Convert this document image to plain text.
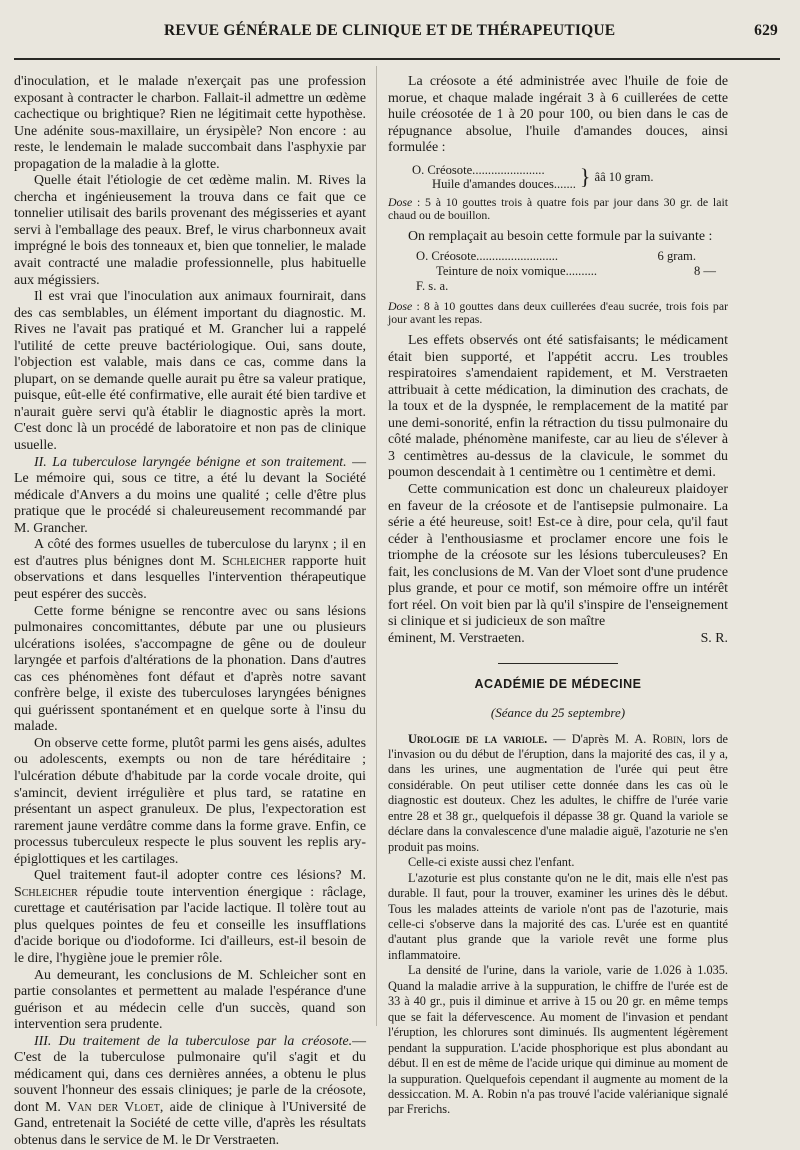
REVUE GÉNÉRALE DE CLINIQUE ET DE THÉRAPEUTIQUE	629

d'inoculation, et le malade n'exerçait pas une profession exposant à contracter le charbon. Fallait-il admettre un œdème cachectique ou brightique? Rien ne légitimait cette hypothèse. Une adénite sous-maxillaire, un érysipèle? Non encore : au reste, le lendemain le malade succombait dans l'asphyxie par propagation de la maladie à la glotte.

Quelle était l'étiologie de cet œdème malin. M. Rives la chercha et ingénieusement la trouva dans ce fait que ce tonnelier utilisait des barils provenant des mégisseries et ayant servi à l'emballage des peaux. Bref, le virus charbonneux avait imprégné le bois des tonneaux et, bien que tonnelier, le malade avait contracté une maladie professionnelle, plus habituelle aux mégissiers.

Il est vrai que l'inoculation aux animaux fournirait, dans des cas semblables, un élément important du diagnostic. M. Rives ne l'avait pas pratiqué et M. Grancher lui a rappelé l'utilité de cette preuve bactériologique. Oui, sans doute, l'objection est valable, mais dans ce cas, comme dans la plupart, on se demande quelle aurait pu être sa valeur pratique, puisque, eût-elle été confirmative, elle aurait été bien tardive et n'aurait guère servi qu'à établir le diagnostic après la mort. C'est donc là un procédé de laboratoire et non pas de clinique usuelle.

II. La tuberculose laryngée bénigne et son traitement. — Le mémoire qui, sous ce titre, a été lu devant la Société médicale d'Anvers a du moins une qualité ; celle d'être plus pratique que le procédé si chaleureusement recommandé par M. Grancher.

A côté des formes usuelles de tuberculose du larynx ; il en est d'autres plus bénignes dont M. Schleicher rapporte huit observations et dans lesquelles l'intervention thérapeutique peut espérer des succès.

Cette forme bénigne se rencontre avec ou sans lésions pulmonaires concomittantes, débute par une ou plusieurs ulcérations isolées, s'accompagne de gêne ou de douleur laryngée et parfois d'altérations de la phonation. Dans d'autres cas ces phénomènes font défaut et d'après notre savant confrère belge, il existe des tuberculoses laryngées bénignes qui guérissent spontanément et en quelque sorte à l'insu du malade.

On observe cette forme, plutôt parmi les gens aisés, adultes ou adolescents, exempts ou non de tare héréditaire ; l'ulcération débute d'habitude par la corde vocale droite, qui s'amincit, devient irrégulière et plus tard, se ratatine en présentant un aspect granuleux. De plus, l'expectoration est rarement jaune verdâtre comme dans la forme grave. Enfin, ce processus tuberculeux respecte le plus souvent les replis ary-épiglottiques et les cartilages.

Quel traitement faut-il adopter contre ces lésions? M. Schleicher répudie toute intervention énergique : râclage, curettage et cautérisation par l'acide lactique. Il tolère tout au plus quelques pointes de feu et conseille les insufflations d'acide borique ou d'iodoforme. Ici d'ailleurs, est-il besoin de le dire, l'hygiène joue le premier rôle.

Au demeurant, les conclusions de M. Schleicher sont en partie consolantes et permettent au malade l'espérance d'une guérison et au médecin celle d'un succès, quand son intervention sera prudente.

III. Du traitement de la tuberculose par la créosote.— C'est de la tuberculose pulmonaire qu'il s'agit et du médicament qui, dans ces dernières années, a obtenu le plus souvent l'honneur des essais cliniques; je parle de la créosote, dont M. Van der Vloet, aide de clinique à l'Université de Gand, entretenait la Société de cette ville, d'après les résultats obtenus dans le service de M. le Dr Verstraeten.

La créosote a été administrée avec l'huile de foie de morue, et chaque malade ingérait 3 à 6 cuillerées de cette huile créosotée de 1 à 20 pour 100, ou bien dans le cas de répugnance absolue, l'huile d'amandes douces, ainsi formulée :

O. Créosote.......................
Huile d'amandes douces....... } ââ 10 gram.

Dose : 5 à 10 gouttes trois à quatre fois par jour dans 30 gr. de lait chaud ou de bouillon.

On remplaçait au besoin cette formule par la suivante :

O. Créosote..........................	6 gram.
Teinture de noix vomique..........	8 —
F. s. a.

Dose : 8 à 10 gouttes dans deux cuillerées d'eau sucrée, trois fois par jour avant les repas.

Les effets observés ont été satisfaisants; le médicament était bien supporté, et l'appétit accru. Les troubles respiratoires s'amendaient rapidement, et M. Verstraeten attribuait à cette médication, la diminution des crachats, de la toux et de la dyspnée, le remplacement de la matité par une demi-sonorité, enfin la rétraction du tissu pulmonaire du côté malade, phénomène manifeste, car au lieu de s'élever à 3 centimètres au-dessus de la clavicule, le sommet du poumon descendait à 1 centimètre ou 1 centimètre et demi.

Cette communication est donc un chaleureux plaidoyer en faveur de la créosote et de l'antisepsie pulmonaire. La série a été heureuse, soit! Est-ce à dire, pour cela, qu'il faut céder à l'enthousiasme et proclamer encore une fois le triomphe de la créosote sur les lésions tuberculeuses? En fait, les conclusions de M. Van der Vloet sont d'une prudence plus grande, et pour ce motif, son mémoire offre un intérêt fort réel. On voit bien par là qu'il s'inspire de l'enseignement si clinique et si judicieux de son maître

éminent, M. Verstraeten.	S. R.

ACADÉMIE DE MÉDECINE
(Séance du 25 septembre)

Urologie de la variole. — D'après M. A. Robin, lors de l'invasion ou du début de l'éruption, dans la majorité des cas, il y a, dans les urines, une augmentation de l'urée qui peut être considérable. On peut utiliser cette donnée dans les cas où le diagnostic est douteux. Chez les adultes, le chiffre de l'urée varie entre 28 et 38 gr., quelquefois il dépasse 38 gr. Quand la variole se déclare dans la convalescence d'une maladie aiguë, l'azoturie ne s'en produit pas moins.

Celle-ci existe aussi chez l'enfant.

L'azoturie est plus constante qu'on ne le dit, mais elle n'est pas durable. Il faut, pour la trouver, examiner les urines dès le début. Tous les malades atteints de variole n'ont pas de l'azoturie, mais celle-ci s'observe dans la majorité des cas. L'urée est en quantité d'autant plus grande que la variole revêt une forme plus inflammatoire.

La densité de l'urine, dans la variole, varie de 1.026 à 1.035. Quand la maladie arrive à la suppuration, le chiffre de l'urée est de 33 à 40 gr., puis il diminue et arrive à 15 ou 20 gr. en même temps que se fait la défervescence. Au moment de l'invasion et pendant l'éruption, les chlorures sont diminués. Ils augmentent légèrement pendant la suppuration. L'acide phosphorique est plus abondant au début. Il en est de même de l'acide urique qui diminue au moment de la suppuration. Quelquefois cependant il augmente au moment de la dessiccation. M. A. Robin n'a pas trouvé l'acide valérianique signalé par Frerichs.
